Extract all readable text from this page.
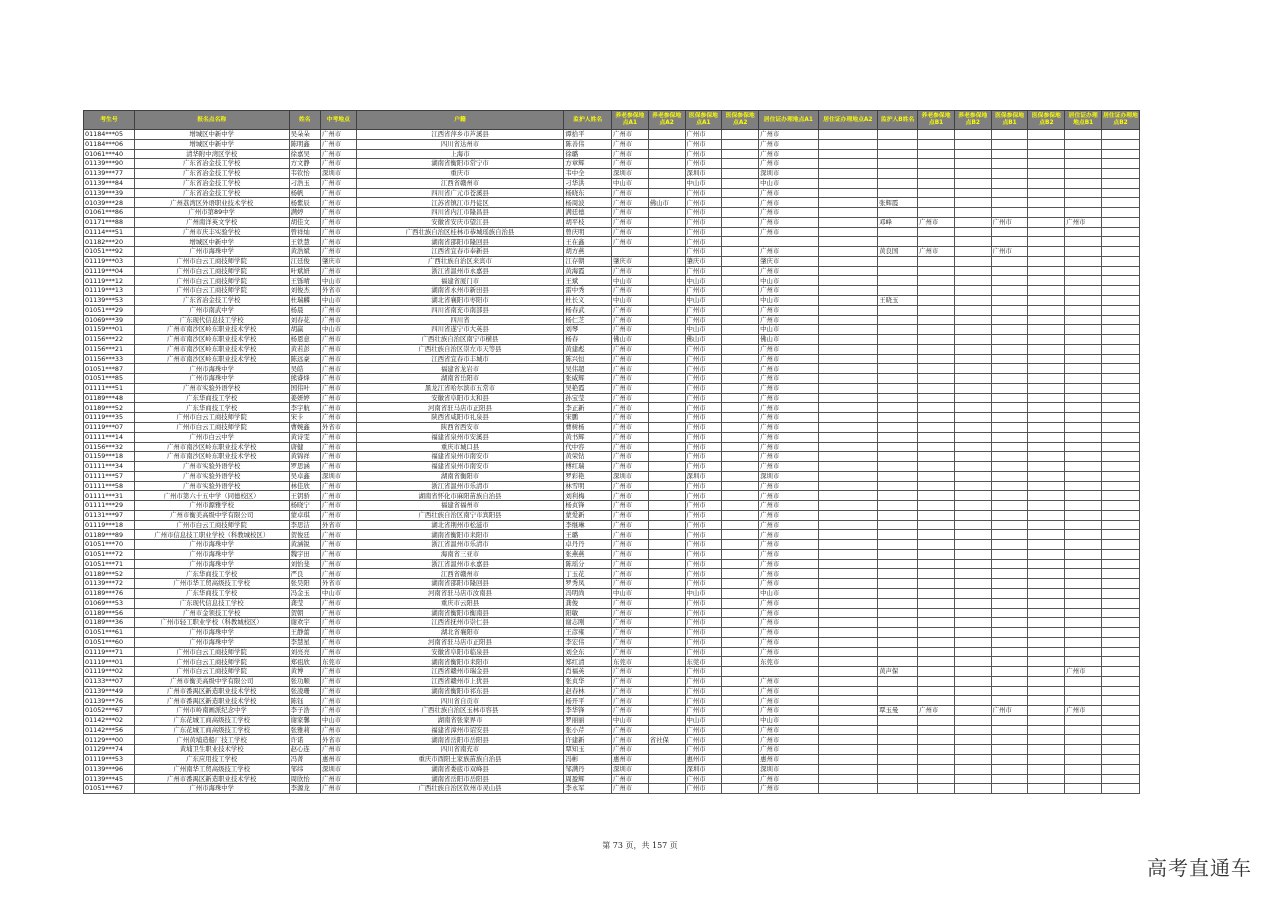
考生号	报名点名称	姓名	中考地点	户籍	监护人姓名	养老参保地点A1	养老参保地点A2	医保参保地点A1	医保参保地点A2	居住证办理地点A1	居住证办理地点A2	监护人B姓名	养老参保地点B1	养老参保地点B2	医保参保地点B1	医保参保地点B2	居住证办理地点B1	居住证办理地点B2
01184***05	增城区中新中学	吴朵朵	广州市	江西省萍乡市芦溪县	谭拾平	广州市		广州市		广州市								
01184***06	增城区中新中学	陈明鑫	广州市	四川省达州市	陈善伟	广州市		广州市		广州市								
01061***40	清华附中湾区学校	徐嘉吴	广州市	上海市	徐璐	广州市		广州市		广州市								
01139***90	广东省冶金技工学校	方文静	广州市	湖南省衡阳市常宁市	方章辉	广州市		广州市		广州市								
01139***77	广东省冶金技工学校	韦钦怡	深圳市	重庆市	韦中全	深圳市		深圳市		深圳市								
01139***84	广东省冶金技工学校	刁浩玉	广州市	江西省赣州市	刁华洪	中山市		中山市		中山市								
01139***39	广东省冶金技工学校	杨帆	广州市	四川省广元市苍溪县	杨晓东	广州市		广州市		广州市								
01039***28	广州荔湾区外语职业技术学校	杨紫辰	广州市	江苏省镇江市丹徒区	杨周波	广州市	佛山市	广州市		广州市		张辉霞						
01061***86	广州市第89中学	满婷	广州市	四川省内江市隆昌县	满廷德	广州市		广州市		广州市								
01171***88	广州南洋英文学校	胡佳文	广州市	安徽省安庆市望江县	胡平枝	广州市		广州市		广州市		邓峰	广州市		广州市		广州市	
01114***51	广州市庆丰实验学校	曾祥灿	广州市	广西壮族自治区桂林市恭城瑶族自治县	曾庆明	广州市		广州市		广州市								
01182***20	增城区中新中学	王铁慧	广州市	湖南省邵阳市隆回县	王在鑫	广州市		广州市										
01051***92	广州市海珠中学	黄浩斌	广州市	江西省宜春市奉新县	胡方燕			广州市		广州市		黄良国	广州市		广州市			
01119***03	广州市白云工商技师学院	江廷俊	肇庆市	广西壮族自治区来宾市	江存朝	肇庆市		肇庆市		肇庆市								
01119***04	广州市白云工商技师学院	叶斌妍	广州市	浙江省温州市永嘉县	黄海霞	广州市		广州市		广州市								
01119***12	广州市白云工商技师学院	王铄晴	中山市	福建省厦门市	王斌	中山市		中山市		中山市								
01119***13	广州市白云工商技师学院	刘俊杰	外省市	湖南省永州市新田县	雷中秀	广州市		广州市		广州市								
01139***53	广东省冶金技工学校	杜瑞麟	中山市	湖北省襄阳市枣阳市	杜长义	中山市		中山市		中山市		王晓玉						
01051***29	广州市南武中学	杨晨	广州市	四川省南充市南部县	杨春武	广州市		广州市		广州市								
01069***39	广东现代信息技工学校	刘春花	广州市	四川省	杨仁芝	广州市		广州市		广州市								
01159***01	广州市南沙区岭东职业技术学校	胡赢	中山市	四川省遂宁市大英县	刘琴	广州市		中山市		中山市								
01156***22	广州市南沙区岭东职业技术学校	杨恩意	广州市	广西壮族自治区南宁市横县	杨春	佛山市		佛山市		佛山市								
01156***21	广州市南沙区岭东职业技术学校	黄若彭	广州市	广西壮族自治区崇左市天等县	黄建彪	广州市		广州市		广州市								
01156***33	广州市南沙区岭东职业技术学校	陈远豪	广州市	江西省宜春市丰城市	陈兴恒	广州市		广州市		广州市								
01051***87	广州市海珠中学	吴皓	广州市	福建省龙岩市	吴伟超	广州市		广州市		广州市								
01051***85	广州市海珠中学	熊睿烽	广州市	湖南省岳阳市	张威辉	广州市		广州市		广州市								
01111***51	广州市实验外语学校	国伟叶	广州市	黑龙江省哈尔滨市五常市	吴艳霞	广州市		广州市		广州市								
01189***48	广东华商技工学校	姜妍婷	广州市	安徽省阜阳市太和县	孙宝莹	广州市		广州市		广州市								
01189***52	广东华商技工学校	李宇航	广州市	河南省驻马店市正阳县	李正新	广州市		广州市		广州市								
01119***35	广州市白云工商技师学院	宋卡	广州市	陕西省咸阳市礼泉县	宋鹏	广州市		广州市		广州市								
01119***07	广州市白云工商技师学院	曹婉鑫	外省市	陕西省西安市	曹树杨	广州市		广州市		广州市								
01111***14	广州市白云中学	黄诗雯	广州市	福建省泉州市安溪县	黄书辉	广州市		广州市		广州市								
01156***32	广州市南沙区岭东职业技术学校	唐健	广州市	重庆市城口县	代中容	广州市		广州市		广州市								
01159***18	广州市南沙区岭东职业技术学校	黄锦祥	广州市	福建省泉州市南安市	黄荣钻	广州市		广州市		广州市								
01111***34	广州市实验外语学校	罗思涵	广州市	福建省泉州市南安市	傅红瑞	广州市		广州市		广州市								
01111***57	广州市实验外语学校	吴卓鑫	深圳市	湖南省衡阳市	罗彩艳	深圳市		深圳市		深圳市								
01111***58	广州市实验外语学校	林佳欣	广州市	浙江省温州市乐清市	林雪明	广州市		广州市		广州市								
01111***31	广州市第六十五中学（同德校区）	王钥骄	广州市	湖南省怀化市麻阳苗族自治县	刘利梅	广州市		广州市		广州市								
01111***29	广州市源雅学校	杨晓宁	广州市	福建省福州市	杨贞锋	广州市		广州市		广州市								
01131***97	广州市衡美高级中学有限公司	蒙卓琪	广州市	广西壮族自治区南宁市宾阳县	蒙爱新	广州市		广州市		广州市								
01119***18	广州市白云工商技师学院	李思洁	外省市	湖北省荆州市松滋市	李继琳	广州市		广州市		广州市								
01189***89	广州市信息技工职业学校（科教城校区）	贺俊廷	广州市	湖南省衡阳市耒阳市	王璐	广州市		广州市		广州市								
01051***70	广州市海珠中学	黄涵锐	广州市	浙江省温州市乐清市	卓丹丹	广州市		广州市		广州市								
01051***72	广州市海珠中学	魏宇田	广州市	海南省三亚市	张燕燕	广州市		广州市		广州市								
01051***71	广州市海珠中学	刘怡斐	广州市	浙江省温州市永嘉县	陈瑶分	广州市		广州市		广州市								
01189***52	广东华商技工学校	严良	广州市	江西省赣州市	丁玉花	广州市		广州市		广州市								
01139***72	广州市华工贸高级技工学校	张昊阳	外省市	湖南省邵阳市隆回县	罗秀凤	广州市		广州市		广州市								
01189***76	广东华商技工学校	冯金玉	中山市	河南省驻马店市汝南县	冯明尚	中山市		中山市		中山市								
01069***53	广东现代信息技工学校	龚莹	广州市	重庆市云阳县	龚俊	广州市		广州市		广州市								
01189***56	广州市金领技工学校	贺朝	广州市	湖南省衡阳市衡南县	阳敏	广州市		广州市		广州市								
01189***36	广州市轻工职业学校（科教城校区）	谢欢宇	广州市	江西省抚州市崇仁县	谢志刚	广州市		广州市		广州市								
01051***61	广州市海珠中学	王静蕾	广州市	湖北省襄阳市	王彦雍	广州市		广州市		广州市								
01051***60	广州市海珠中学	李慧星	广州市	河南省驻马店市正阳县	李宏伟	广州市		广州市		广州市								
01119***71	广州市白云工商技师学院	刘亮亮	广州市	安徽省阜阳市临泉县	刘全东	广州市		广州市		广州市								
01119***01	广州市白云工商技师学院	郑祖欣	东莞市	湖南省衡阳市耒阳市	郑红清	东莞市		东莞市		东莞市								
01119***02	广州市白云工商技师学院	黄博	广州市	江西省赣州市瑞金县	肖福英	广州市		广州市				黄声保					广州市	
01133***07	广州市衡美高级中学有限公司	张功顺	广州市	江西省赣州市上犹县	张贞华	广州市		广州市		广州市								
01139***49	广州市番禺区新造职业技术学校	张凌珊	广州市	湖南省衡阳市祁东县	赵春林	广州市		广州市		广州市								
01139***76	广州市番禺区新造职业技术学校	陈钰	广州市	四川省自贡市	杨开平	广州市		广州市		广州市								
01052***67	广州市岭南画派纪念中学	李子浩	广州市	广西壮族自治区玉林市容县	李华锋	广州市		广州市		广州市		覃玉曼	广州市		广州市		广州市	
01142***02	广东花城工商高级技工学校	谢家馨	中山市	湖南省张家界市	罗丽丽	中山市		中山市		中山市								
01142***56	广东花城工商高级技工学校	张雅莉	广州市	福建省漳州市诏安县	张小芹	广州市		广州市		广州市								
01129***00	广州黄埔造船厂技工学校	许诺	外省市	湖南省岳阳市岳阳县	许建新	广州市	省社保	广州市		广州市								
01129***74	黄埔卫生职业技术学校	赵心连	广州市	四川省南充市	覃知玉	广州市		广州市		广州市								
01119***53	广东应用技工学校	冯菁	惠州市	重庆市酉阳土家族苗族自治县	冯彬	惠州市		惠州市		惠州市								
01139***96	广州南华工贸高级技工学校	邹纬	深圳市	湖南省娄底市双峰县	邹满丹	深圳市		深圳市		深圳市								
01139***45	广州市番禺区新造职业技术学校	周欣怡	广州市	湖南省岳阳市岳阳县	周盈辉	广州市		广州市		广州市								
01051***67	广州市海珠中学	李源龙	广州市	广西壮族自治区钦州市灵山县	李永军	广州市		广州市		广州市								
第 73 页，共 157 页
高考直通车
